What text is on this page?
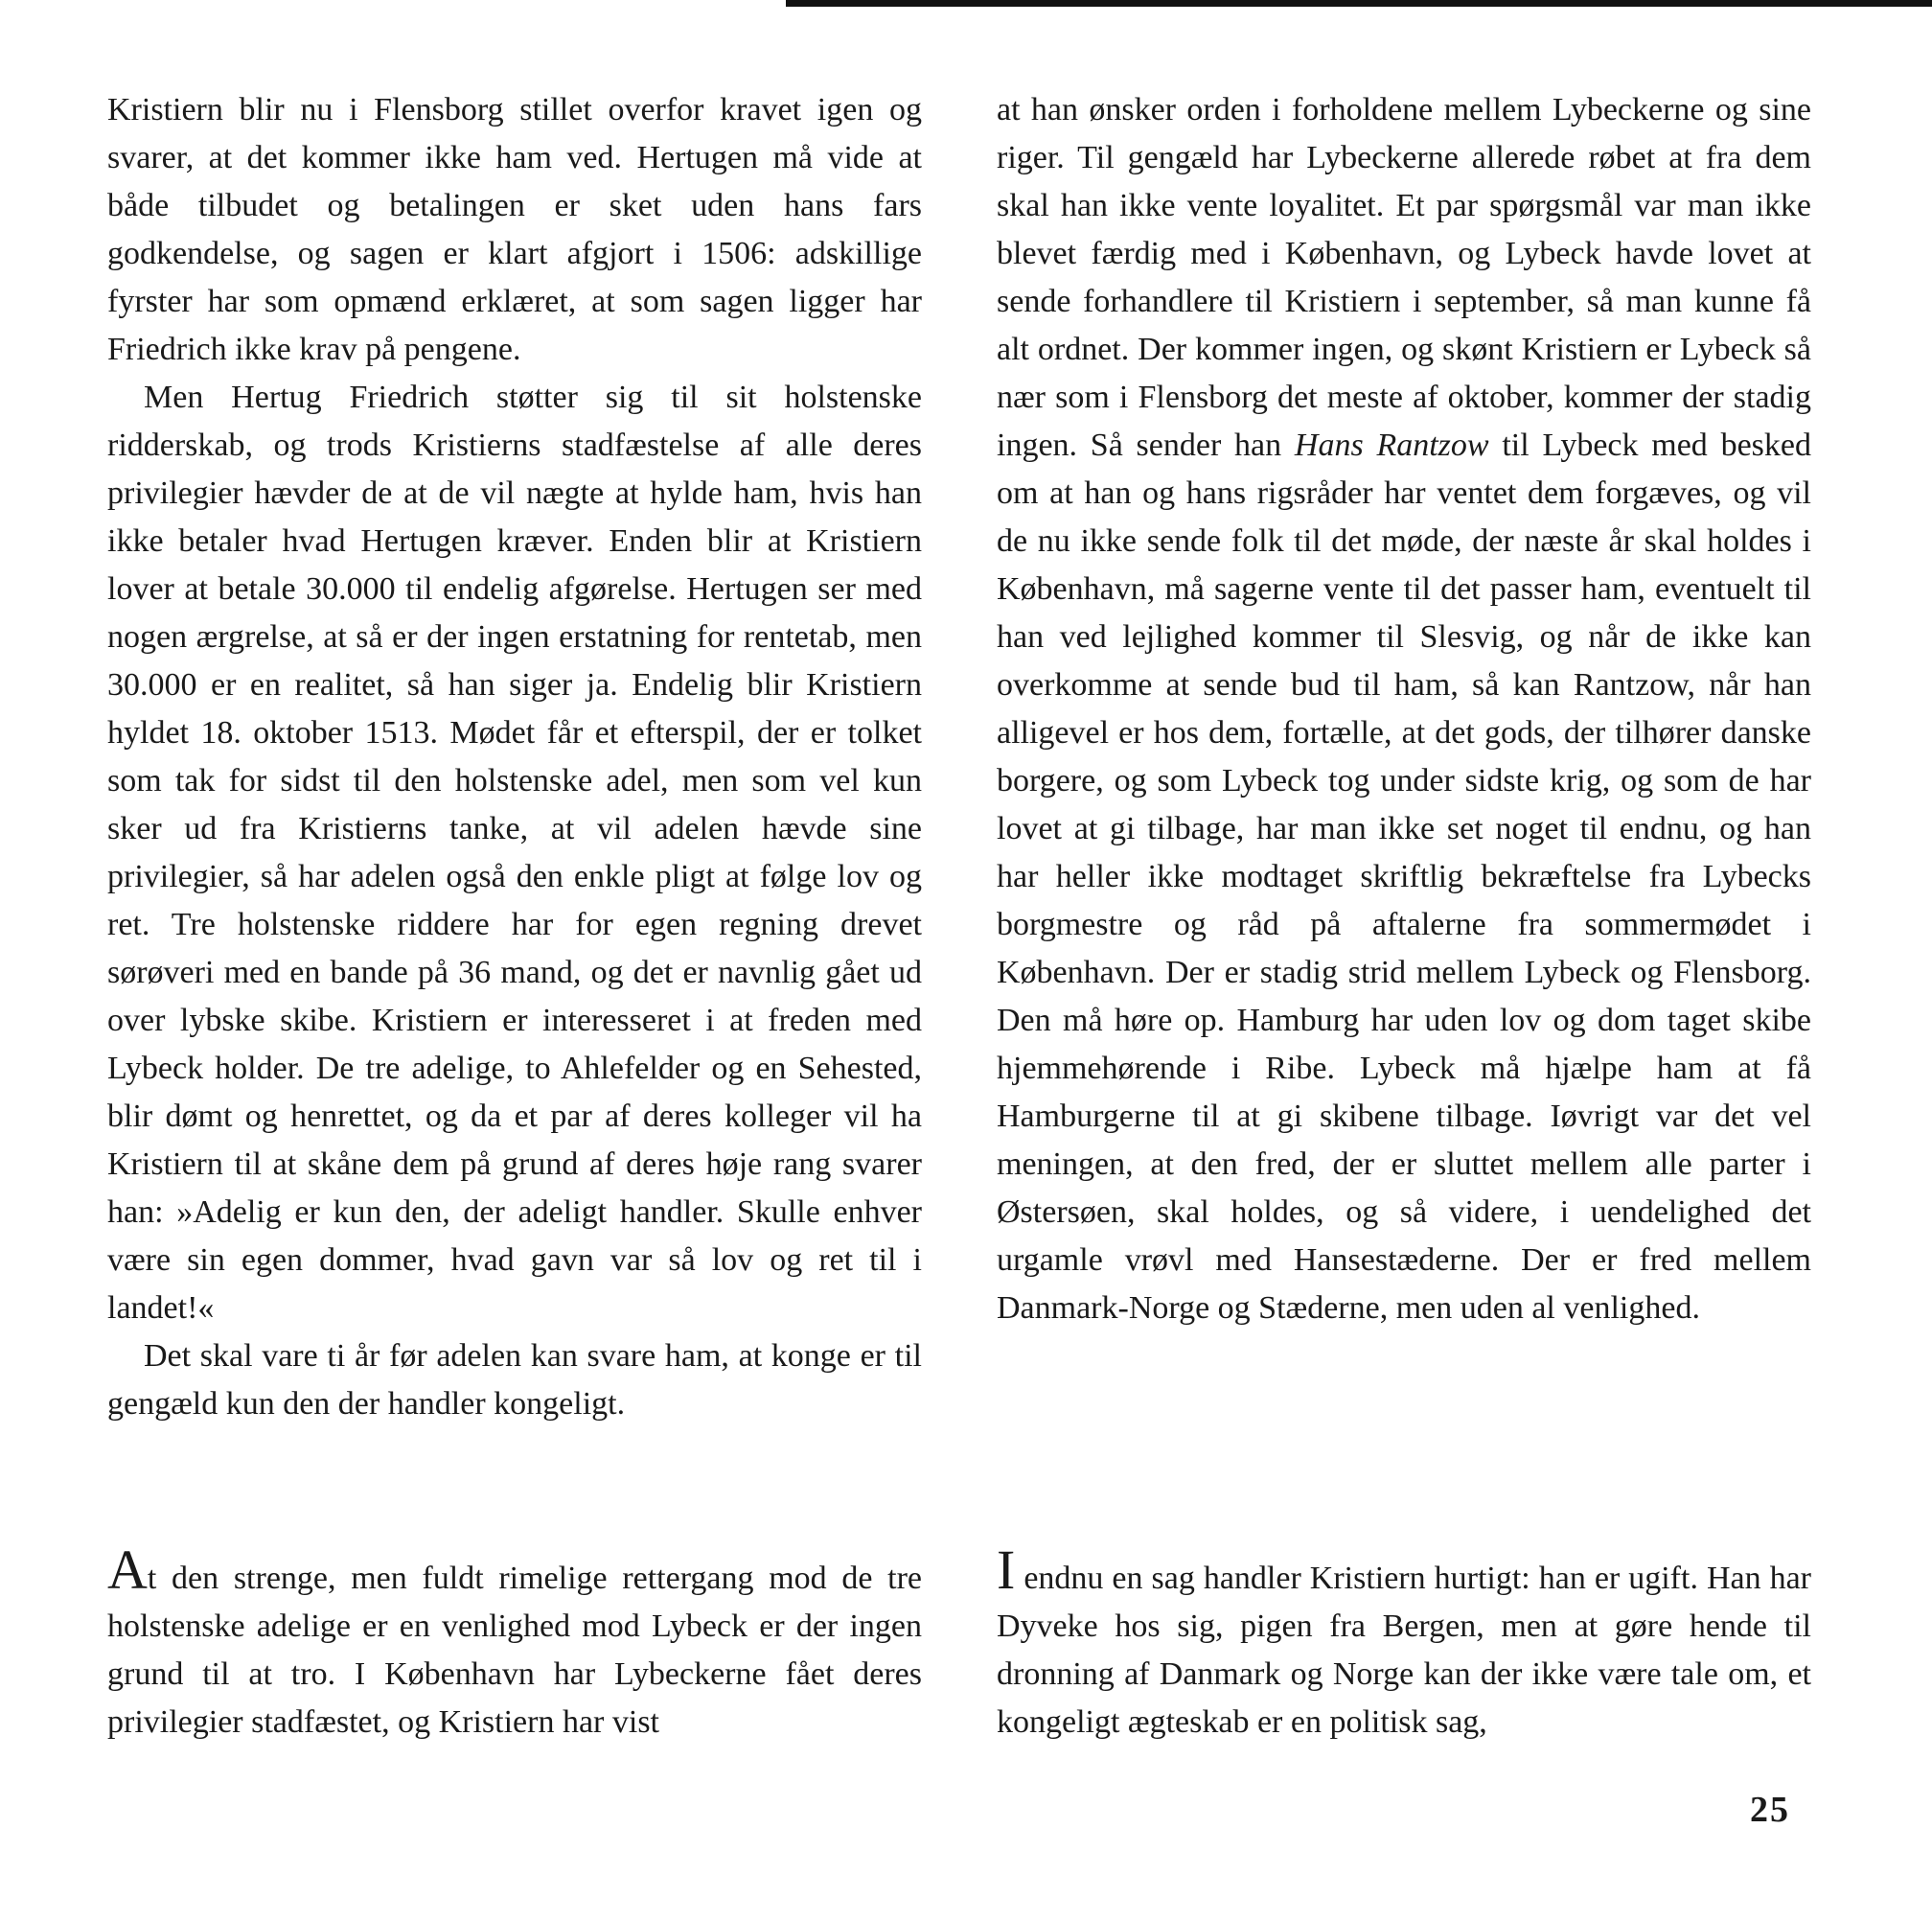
Kristiern blir nu i Flensborg stillet overfor kravet igen og svarer, at det kommer ikke ham ved. Hertugen må vide at både tilbudet og betalingen er sket uden hans fars godkendelse, og sagen er klart afgjort i 1506: adskillige fyrster har som opmænd erklæret, at som sagen ligger har Friedrich ikke krav på pengene.

Men Hertug Friedrich støtter sig til sit holstenske ridderskab, og trods Kristierns stadfæstelse af alle deres privilegier hævder de at de vil nægte at hylde ham, hvis han ikke betaler hvad Hertugen kræver. Enden blir at Kristiern lover at betale 30.000 til endelig afgørelse. Hertugen ser med nogen ærgrelse, at så er der ingen erstatning for rentetab, men 30.000 er en realitet, så han siger ja. Endelig blir Kristiern hyldet 18. oktober 1513. Mødet får et efterspil, der er tolket som tak for sidst til den holstenske adel, men som vel kun sker ud fra Kristierns tanke, at vil adelen hævde sine privilegier, så har adelen også den enkle pligt at følge lov og ret. Tre holstenske riddere har for egen regning drevet sørøveri med en bande på 36 mand, og det er navnlig gået ud over lybske skibe. Kristiern er interesseret i at freden med Lybeck holder. De tre adelige, to Ahlefelder og en Sehested, blir dømt og henrettet, og da et par af deres kolleger vil ha Kristiern til at skåne dem på grund af deres høje rang svarer han: »Adelig er kun den, der adeligt handler. Skulle enhver være sin egen dommer, hvad gavn var så lov og ret til i landet!«

Det skal vare ti år før adelen kan svare ham, at konge er til gengæld kun den der handler kongeligt.

at han ønsker orden i forholdene mellem Lybeckerne og sine riger. Til gengæld har Lybeckerne allerede røbet at fra dem skal han ikke vente loyalitet. Et par spørgsmål var man ikke blevet færdig med i København, og Lybeck havde lovet at sende forhandlere til Kristiern i september, så man kunne få alt ordnet. Der kommer ingen, og skønt Kristiern er Lybeck så nær som i Flensborg det meste af oktober, kommer der stadig ingen. Så sender han Hans Rantzow til Lybeck med besked om at han og hans rigsråder har ventet dem forgæves, og vil de nu ikke sende folk til det møde, der næste år skal holdes i København, må sagerne vente til det passer ham, eventuelt til han ved lejlighed kommer til Slesvig, og når de ikke kan overkomme at sende bud til ham, så kan Rantzow, når han alligevel er hos dem, fortælle, at det gods, der tilhører danske borgere, og som Lybeck tog under sidste krig, og som de har lovet at gi tilbage, har man ikke set noget til endnu, og han har heller ikke modtaget skriftlig bekræftelse fra Lybecks borgmestre og råd på aftalerne fra sommermødet i København. Der er stadig strid mellem Lybeck og Flensborg. Den må høre op. Hamburg har uden lov og dom taget skibe hjemmehørende i Ribe. Lybeck må hjælpe ham at få Hamburgerne til at gi skibene tilbage. Iøvrigt var det vel meningen, at den fred, der er sluttet mellem alle parter i Østersøen, skal holdes, og så videre, i uendelighed det urgamle vrøvl med Hansestæderne. Der er fred mellem Danmark-Norge og Stæderne, men uden al venlighed.

At den strenge, men fuldt rimelige rettergang mod de tre holstenske adelige er en venlighed mod Lybeck er der ingen grund til at tro. I København har Lybeckerne fået deres privilegier stadfæstet, og Kristiern har vist

I endnu en sag handler Kristiern hurtigt: han er ugift. Han har Dyveke hos sig, pigen fra Bergen, men at gøre hende til dronning af Danmark og Norge kan der ikke være tale om, et kongeligt ægteskab er en politisk sag,

25
